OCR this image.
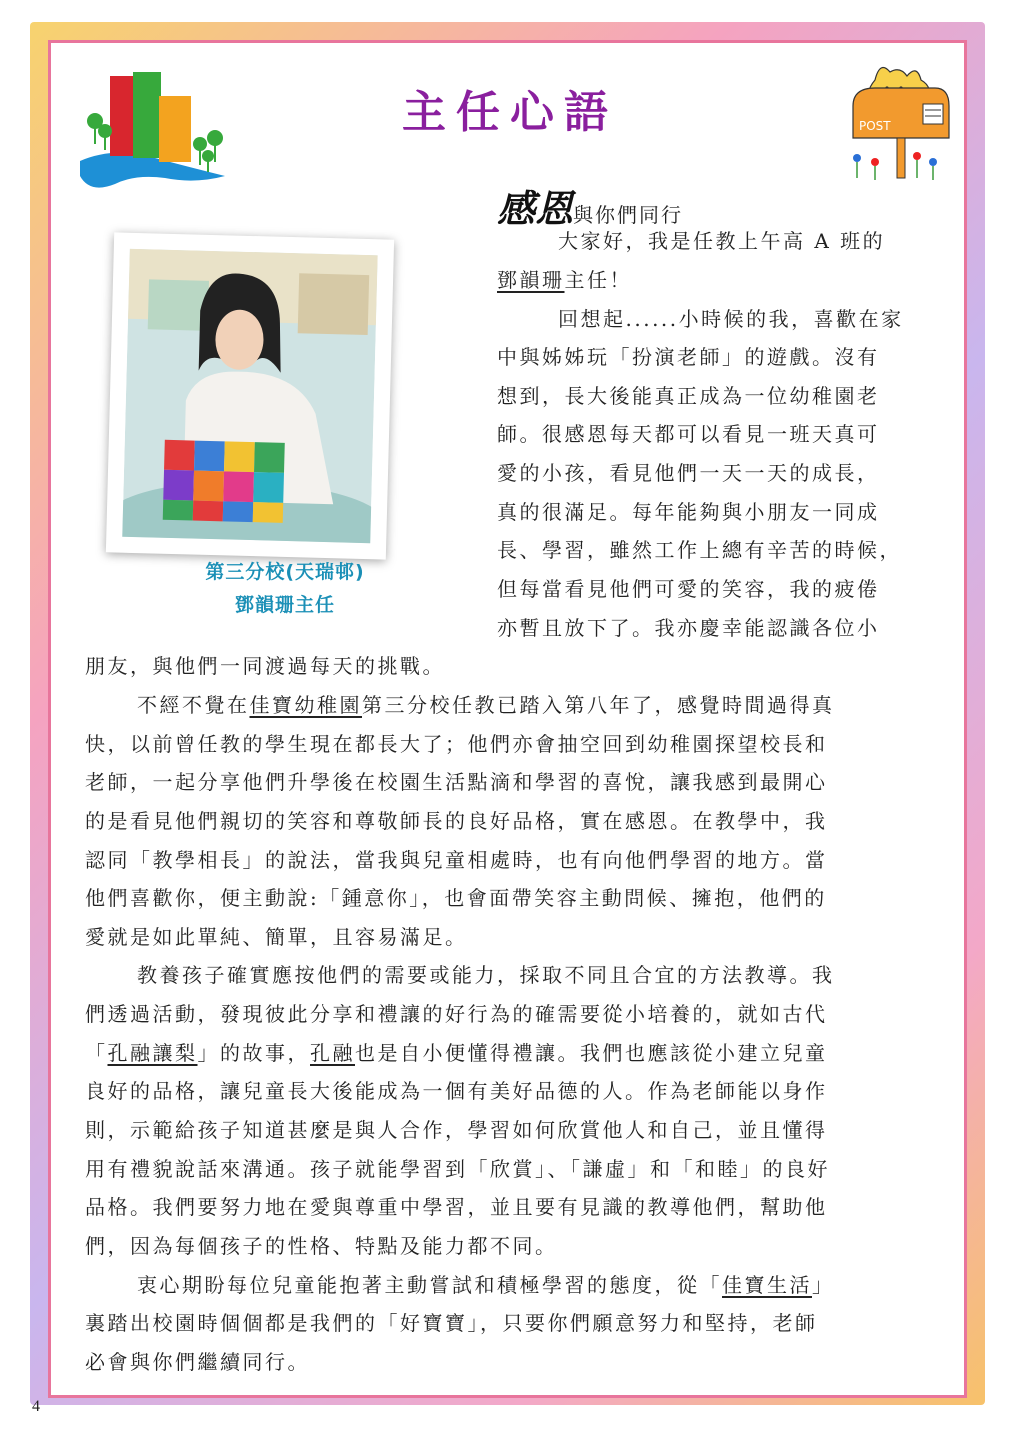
主任心語	POST
第三分校(天瑞邨)
鄧韻珊主任
感恩與你們同行
大家好，我是任教上午高 A 班的
鄧韻珊主任！
回想起......小時候的我，喜歡在家
中與姊姊玩「扮演老師」的遊戲。沒有
想到，長大後能真正成為一位幼稚園老
師。很感恩每天都可以看見一班天真可
愛的小孩，看見他們一天一天的成長，
真的很滿足。每年能夠與小朋友一同成
長、學習，雖然工作上總有辛苦的時候，
但每當看見他們可愛的笑容，我的疲倦
亦暫且放下了。我亦慶幸能認識各位小
朋友，與他們一同渡過每天的挑戰。
不經不覺在佳寶幼稚園第三分校任教已踏入第八年了，感覺時間過得真
快，以前曾任教的學生現在都長大了；他們亦會抽空回到幼稚園探望校長和
老師，一起分享他們升學後在校園生活點滴和學習的喜悅，讓我感到最開心
的是看見他們親切的笑容和尊敬師長的良好品格，實在感恩。在教學中，我
認同「教學相長」的說法，當我與兒童相處時，也有向他們學習的地方。當
他們喜歡你，便主動說:「鍾意你」，也會面帶笑容主動問候、擁抱，他們的
愛就是如此單純、簡單，且容易滿足。
教養孩子確實應按他們的需要或能力，採取不同且合宜的方法教導。我
們透過活動，發現彼此分享和禮讓的好行為的確需要從小培養的，就如古代
「孔融讓梨」的故事，孔融也是自小便懂得禮讓。我們也應該從小建立兒童
良好的品格，讓兒童長大後能成為一個有美好品德的人。作為老師能以身作
則，示範給孩子知道甚麼是與人合作，學習如何欣賞他人和自己，並且懂得
用有禮貌說話來溝通。孩子就能學習到「欣賞」、「謙虛」和「和睦」的良好
品格。我們要努力地在愛與尊重中學習，並且要有見識的教導他們，幫助他
們，因為每個孩子的性格、特點及能力都不同。
衷心期盼每位兒童能抱著主動嘗試和積極學習的態度，從「佳寶生活」
裏踏出校園時個個都是我們的「好寶寶」，只要你們願意努力和堅持，老師
必會與你們繼續同行。
4
